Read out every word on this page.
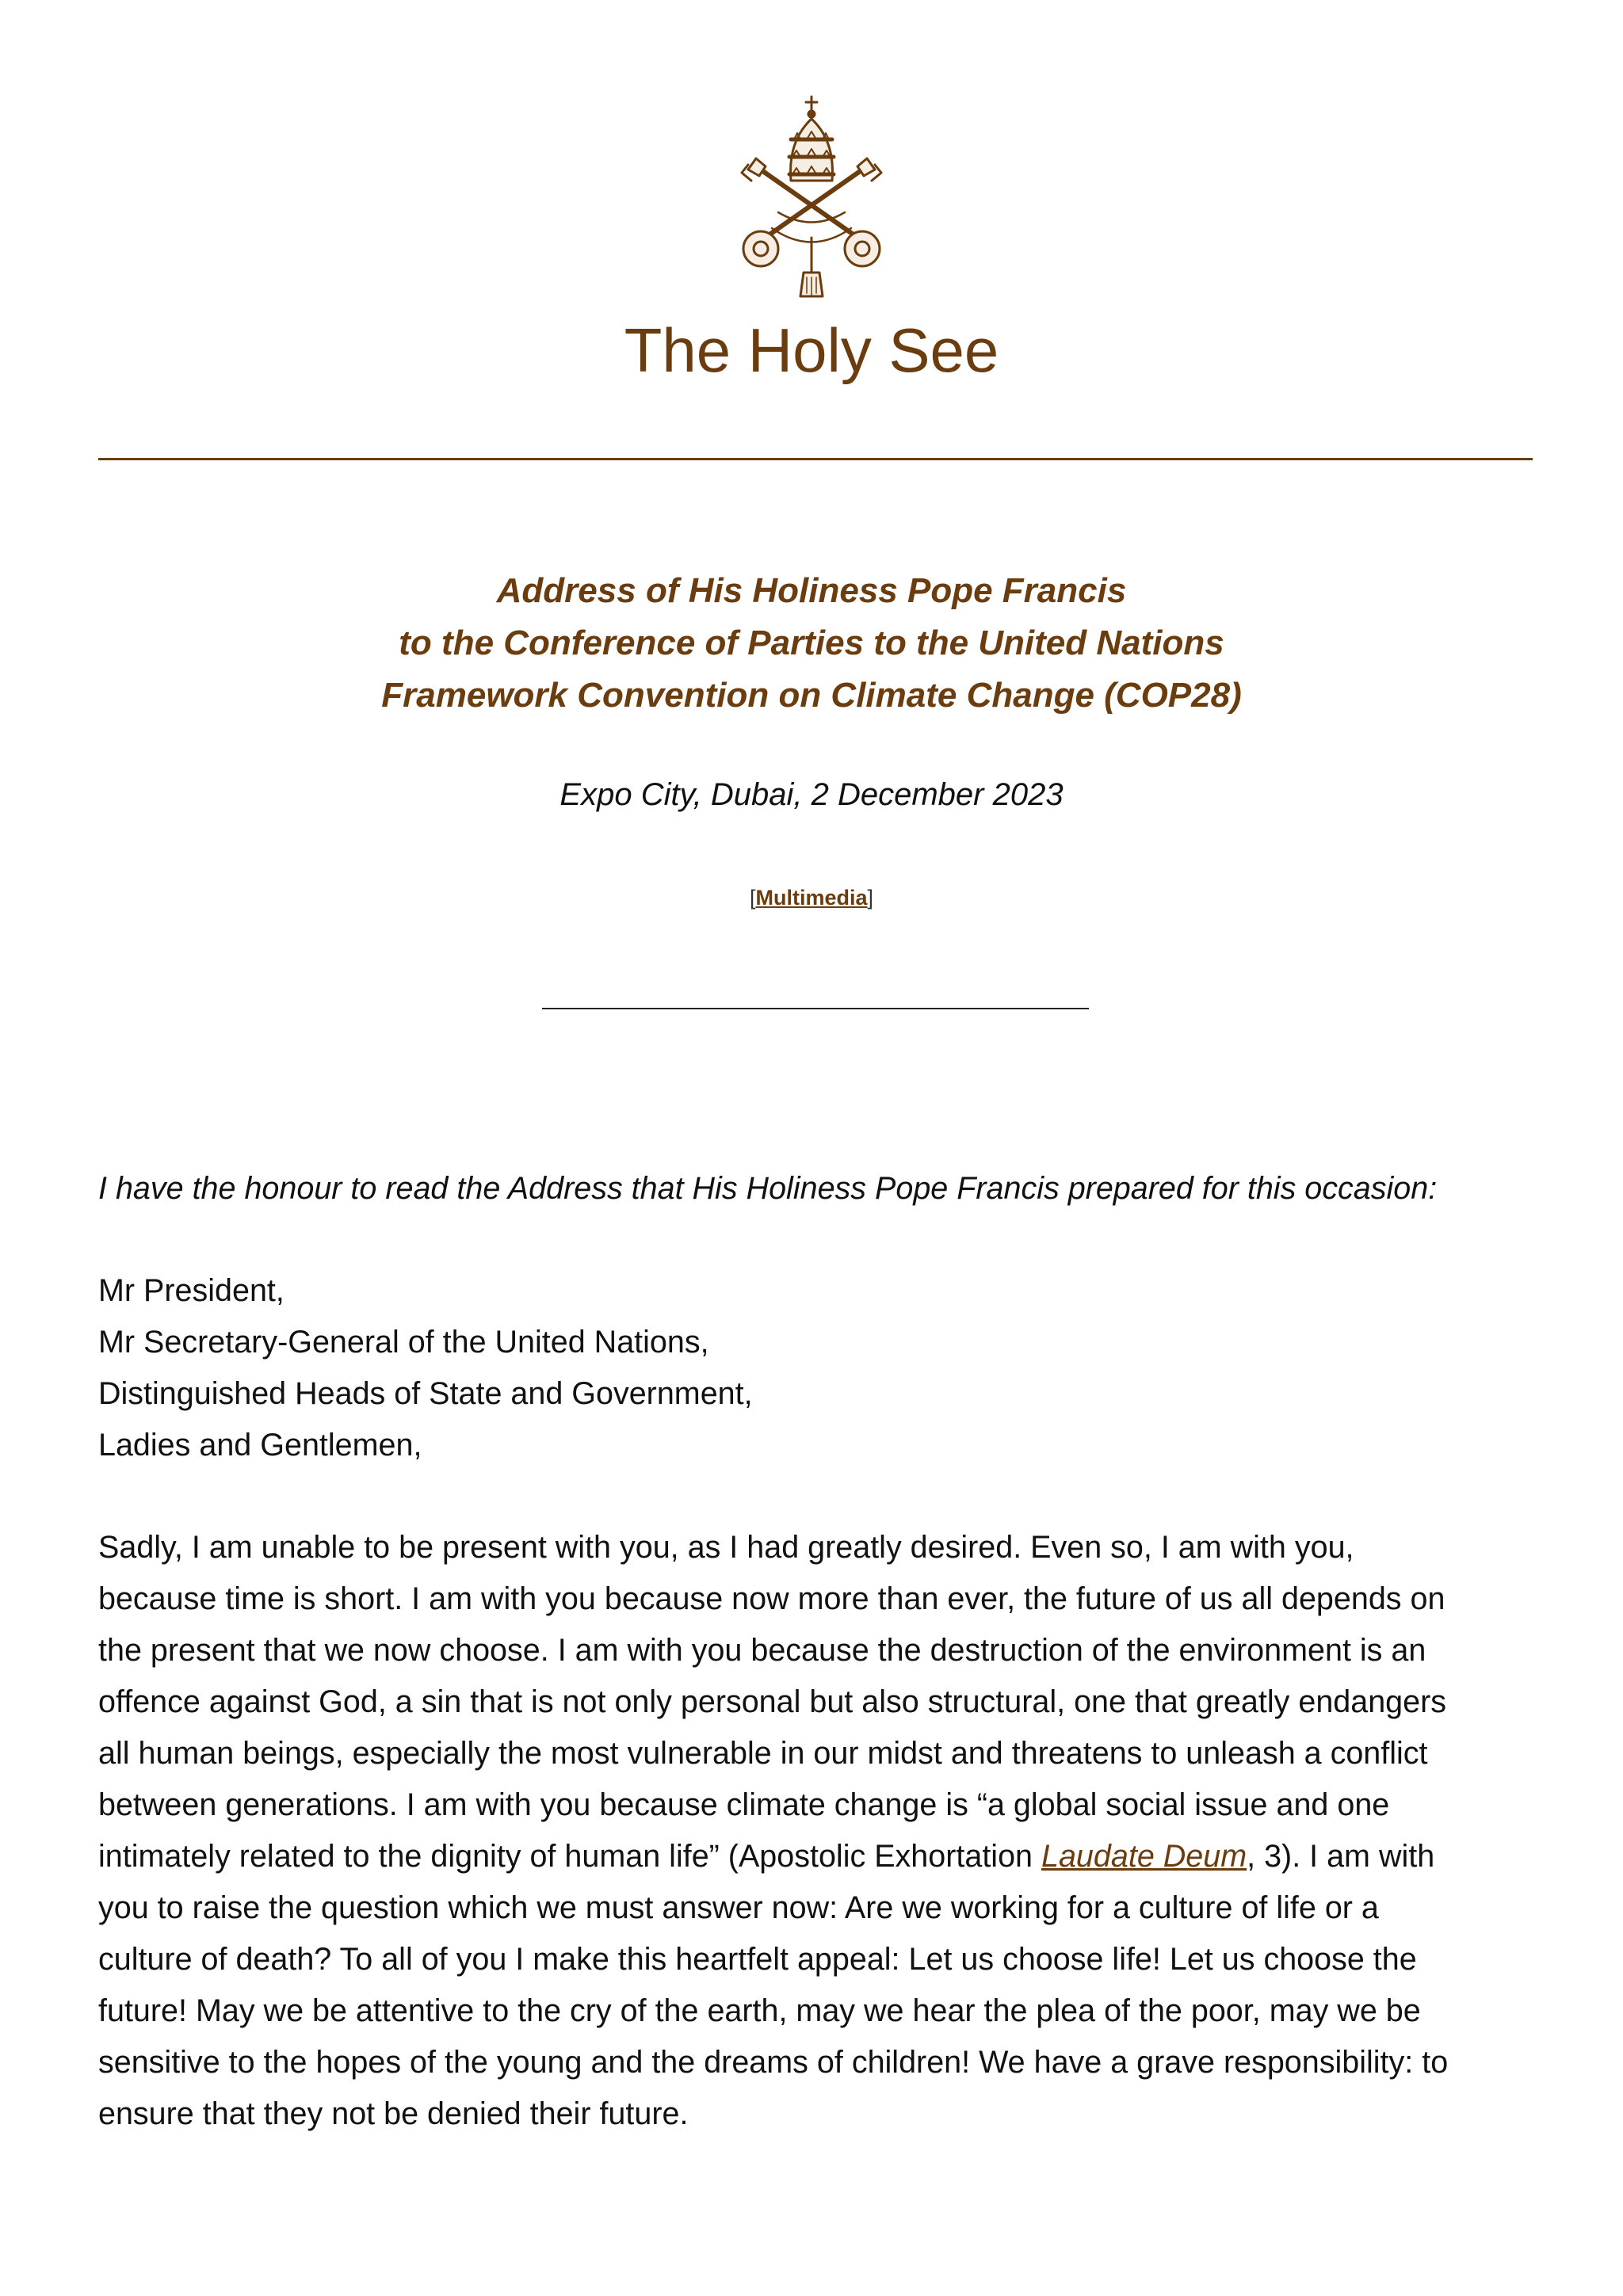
The Holy See
Address of His Holiness Pope Francis
to the Conference of Parties to the United Nations
Framework Convention on Climate Change (COP28)
Expo City, Dubai, 2 December 2023
[Multimedia]
I have the honour to read the Address that His Holiness Pope Francis prepared for this occasion:
Mr President,
Mr Secretary-General of the United Nations,
Distinguished Heads of State and Government,
Ladies and Gentlemen,
Sadly, I am unable to be present with you, as I had greatly desired. Even so, I am with you,
because time is short. I am with you because now more than ever, the future of us all depends on
the present that we now choose. I am with you because the destruction of the environment is an
offence against God, a sin that is not only personal but also structural, one that greatly endangers
all human beings, especially the most vulnerable in our midst and threatens to unleash a conflict
between generations. I am with you because climate change is “a global social issue and one
intimately related to the dignity of human life” (Apostolic Exhortation Laudate Deum, 3). I am with
you to raise the question which we must answer now: Are we working for a culture of life or a
culture of death? To all of you I make this heartfelt appeal: Let us choose life! Let us choose the
future! May we be attentive to the cry of the earth, may we hear the plea of the poor, may we be
sensitive to the hopes of the young and the dreams of children! We have a grave responsibility: to
ensure that they not be denied their future.
